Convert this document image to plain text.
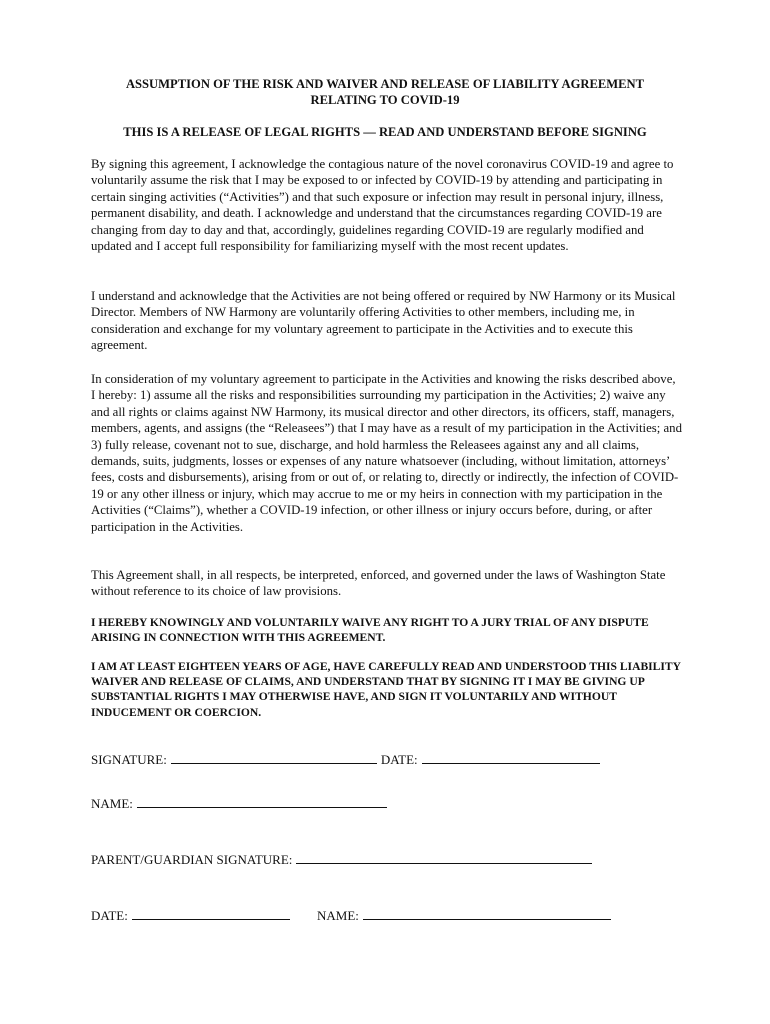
ASSUMPTION OF THE RISK AND WAIVER AND RELEASE OF LIABILITY AGREEMENT
RELATING TO COVID-19

THIS IS A RELEASE OF LEGAL RIGHTS — READ AND UNDERSTAND BEFORE SIGNING

By signing this agreement, I acknowledge the contagious nature of the novel coronavirus COVID-19 and agree to voluntarily assume the risk that I may be exposed to or infected by COVID-19 by attending and participating in certain singing activities (“Activities”) and that such exposure or infection may result in personal injury, illness, permanent disability, and death. I acknowledge and understand that the circumstances regarding COVID-19 are changing from day to day and that, accordingly, guidelines regarding COVID-19 are regularly modified and updated and I accept full responsibility for familiarizing myself with the most recent updates.

I understand and acknowledge that the Activities are not being offered or required by NW Harmony or its Musical Director. Members of NW Harmony are voluntarily offering Activities to other members, including me, in consideration and exchange for my voluntary agreement to participate in the Activities and to execute this agreement.

In consideration of my voluntary agreement to participate in the Activities and knowing the risks described above, I hereby: 1) assume all the risks and responsibilities surrounding my participation in the Activities; 2) waive any and all rights or claims against NW Harmony, its musical director and other directors, its officers, staff, managers, members, agents, and assigns (the “Releasees”) that I may have as a result of my participation in the Activities; and 3) fully release, covenant not to sue, discharge, and hold harmless the Releasees against any and all claims, demands, suits, judgments, losses or expenses of any nature whatsoever (including, without limitation, attorneys’ fees, costs and disbursements), arising from or out of, or relating to, directly or indirectly, the infection of COVID-19 or any other illness or injury, which may accrue to me or my heirs in connection with my participation in the Activities (“Claims”), whether a COVID-19 infection, or other illness or injury occurs before, during, or after participation in the Activities.

This Agreement shall, in all respects, be interpreted, enforced, and governed under the laws of Washington State without reference to its choice of law provisions.

I HEREBY KNOWINGLY AND VOLUNTARILY WAIVE ANY RIGHT TO A JURY TRIAL OF ANY DISPUTE ARISING IN CONNECTION WITH THIS AGREEMENT.

I AM AT LEAST EIGHTEEN YEARS OF AGE, HAVE CAREFULLY READ AND UNDERSTOOD THIS LIABILITY WAIVER AND RELEASE OF CLAIMS, AND UNDERSTAND THAT BY SIGNING IT I MAY BE GIVING UP SUBSTANTIAL RIGHTS I MAY OTHERWISE HAVE, AND SIGN IT VOLUNTARILY AND WITHOUT INDUCEMENT OR COERCION.

SIGNATURE:	DATE:
NAME:
PARENT/GUARDIAN SIGNATURE:
DATE:	NAME:
